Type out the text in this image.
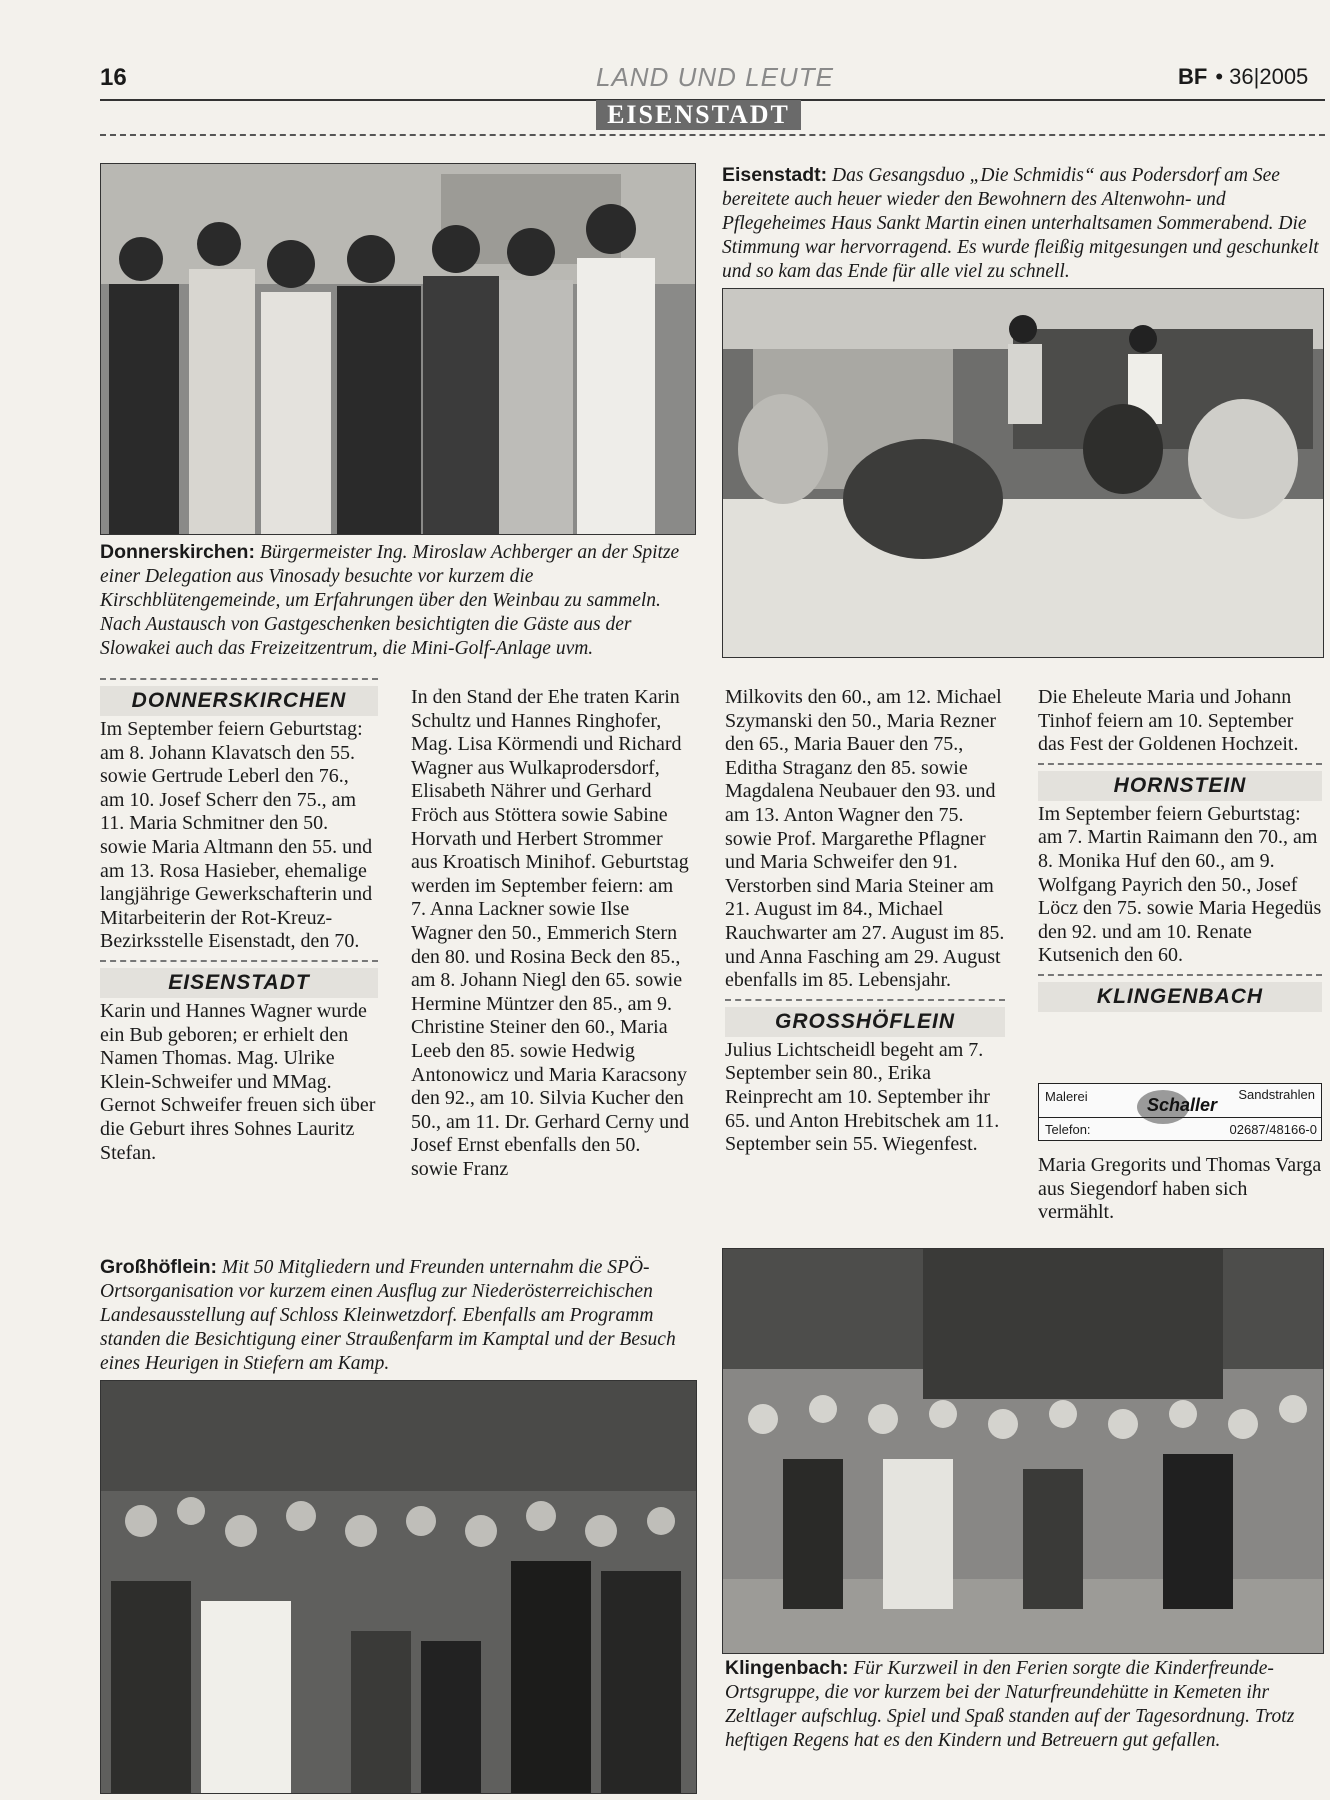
16	LAND UND LEUTE	BF • 36|2005
EISENSTADT
Donnerskirchen: Bürgermeister Ing. Miroslaw Achberger an der Spitze einer Delegation aus Vinosady besuchte vor kurzem die Kirschblütengemeinde, um Erfahrungen über den Weinbau zu sammeln. Nach Austausch von Gastgeschenken besichtigten die Gäste aus der Slowakei auch das Freizeitzentrum, die Mini-Golf-Anlage uvm.
Eisenstadt: Das Gesangsduo „Die Schmidis“ aus Podersdorf am See bereitete auch heuer wieder den Bewohnern des Altenwohn- und Pflegeheimes Haus Sankt Martin einen unterhaltsamen Sommerabend. Die Stimmung war hervorragend. Es wurde fleißig mitgesungen und geschunkelt und so kam das Ende für alle viel zu schnell.
DONNERSKIRCHEN

Im September feiern Geburtstag: am 8. Johann Klavatsch den 55. sowie Gertrude Leberl den 76., am 10. Josef Scherr den 75., am 11. Maria Schmitner den 50. sowie Maria Altmann den 55. und am 13. Rosa Hasieber, ehemalige langjährige Gewerkschafterin und Mitarbeiterin der Rot-Kreuz-Bezirksstelle Eisenstadt, den 70.

EISENSTADT

Karin und Hannes Wagner wurde ein Bub geboren; er erhielt den Namen Thomas. Mag. Ulrike Klein-Schweifer und MMag. Gernot Schweifer freuen sich über die Geburt ihres Sohnes Lauritz Stefan.

In den Stand der Ehe traten Karin Schultz und Hannes Ringhofer, Mag. Lisa Körmendi und Richard Wagner aus Wulkaprodersdorf, Elisabeth Nährer und Gerhard Fröch aus Stöttera sowie Sabine Horvath und Herbert Strommer aus Kroatisch Minihof. Geburtstag werden im September feiern: am 7. Anna Lackner sowie Ilse Wagner den 50., Emmerich Stern den 80. und Rosina Beck den 85., am 8. Johann Niegl den 65. sowie Hermine Müntzer den 85., am 9. Christine Steiner den 60., Maria Leeb den 85. sowie Hedwig Antonowicz und Maria Karacsony den 92., am 10. Silvia Kucher den 50., am 11. Dr. Gerhard Cerny und Josef Ernst ebenfalls den 50. sowie Franz

Milkovits den 60., am 12. Michael Szymanski den 50., Maria Rezner den 65., Maria Bauer den 75., Editha Straganz den 85. sowie Magdalena Neubauer den 93. und am 13. Anton Wagner den 75. sowie Prof. Margarethe Pflagner und Maria Schweifer den 91. Verstorben sind Maria Steiner am 21. August im 84., Michael Rauchwarter am 27. August im 85. und Anna Fasching am 29. August ebenfalls im 85. Lebensjahr.

GROSSHÖFLEIN

Julius Lichtscheidl begeht am 7. September sein 80., Erika Reinprecht am 10. September ihr 65. und Anton Hrebitschek am 11. September sein 55. Wiegenfest.

Die Eheleute Maria und Johann Tinhof feiern am 10. September das Fest der Goldenen Hochzeit.

HORNSTEIN

Im September feiern Geburtstag: am 7. Martin Raimann den 70., am 8. Monika Huf den 60., am 9. Wolfgang Payrich den 50., Josef Löcz den 75. sowie Maria Hegedüs den 92. und am 10. Renate Kutsenich den 60.

KLINGENBACH
Malerei	Sandstrahlen
Schaller
Telefon:	02687/48166-0

Maria Gregorits und Thomas Varga aus Siegendorf haben sich vermählt.

Großhöflein: Mit 50 Mitgliedern und Freunden unternahm die SPÖ-Ortsorganisation vor kurzem einen Ausflug zur Niederösterreichischen Landesausstellung auf Schloss Kleinwetzdorf. Ebenfalls am Programm standen die Besichtigung einer Straußenfarm im Kamptal und der Besuch eines Heurigen in Stiefern am Kamp.
Klingenbach: Für Kurzweil in den Ferien sorgte die Kinderfreunde-Ortsgruppe, die vor kurzem bei der Naturfreundehütte in Kemeten ihr Zeltlager aufschlug. Spiel und Spaß standen auf der Tagesordnung. Trotz heftigen Regens hat es den Kindern und Betreuern gut gefallen.
